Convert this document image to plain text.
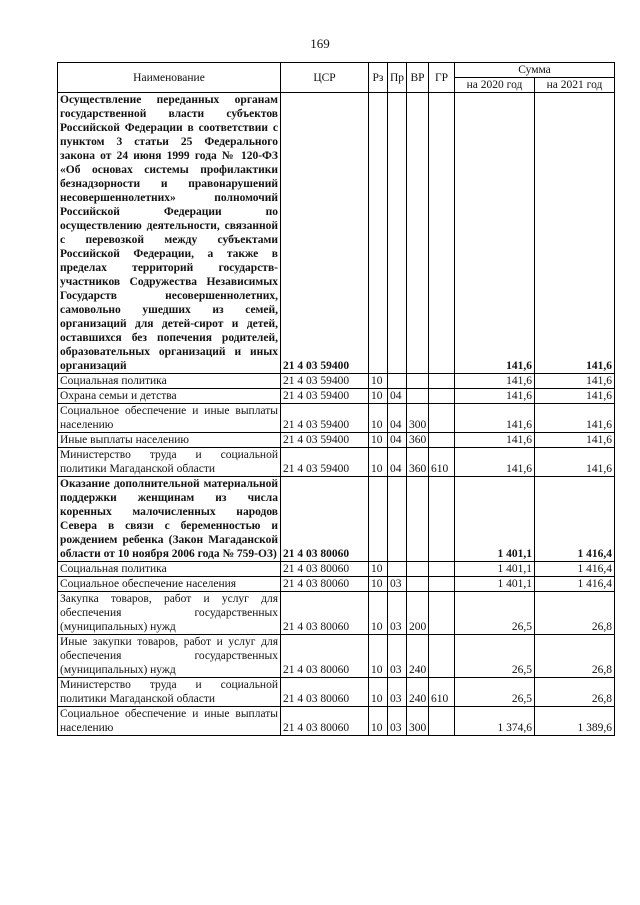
169
Наименование	ЦСР	Рз	Пр	ВР	ГР	Сумма	
						на 2020 год	на 2021 год
Осуществление переданных органам государственной власти субъектов Российской Федерации в соответствии с пунктом 3 статьи 25 Федерального закона от 24 июня 1999 года № 120-ФЗ «Об основах системы профилактики безнадзорности и правонарушений несовершеннолетних» полномочий Российской Федерации по осуществлению деятельности, связанной с перевозкой между субъектами Российской Федерации, а также в пределах территорий государств-участников Содружества Независимых Государств несовершеннолетних, самовольно ушедших из семей, организаций для детей-сирот и детей, оставшихся без попечения родителей, образовательных организаций и иных организаций	21 4 03 59400					141,6	141,6
Социальная политика	21 4 03 59400	10				141,6	141,6
Охрана семьи и детства	21 4 03 59400	10	04			141,6	141,6
Социальное обеспечение и иные выплаты населению	21 4 03 59400	10	04	300		141,6	141,6
Иные выплаты населению	21 4 03 59400	10	04	360		141,6	141,6
Министерство труда и социальной политики Магаданской области	21 4 03 59400	10	04	360	610	141,6	141,6
Оказание дополнительной материальной поддержки женщинам из числа коренных малочисленных народов Севера в связи с беременностью и рождением ребенка (Закон Магаданской области от 10 ноября 2006 года № 759-ОЗ)	21 4 03 80060					1 401,1	1 416,4
Социальная политика	21 4 03 80060	10				1 401,1	1 416,4
Социальное обеспечение населения	21 4 03 80060	10	03			1 401,1	1 416,4
Закупка товаров, работ и услуг для обеспечения государственных (муниципальных) нужд	21 4 03 80060	10	03	200		26,5	26,8
Иные закупки товаров, работ и услуг для обеспечения государственных (муниципальных) нужд	21 4 03 80060	10	03	240		26,5	26,8
Министерство труда и социальной политики Магаданской области	21 4 03 80060	10	03	240	610	26,5	26,8
Социальное обеспечение и иные выплаты населению	21 4 03 80060	10	03	300		1 374,6	1 389,6
